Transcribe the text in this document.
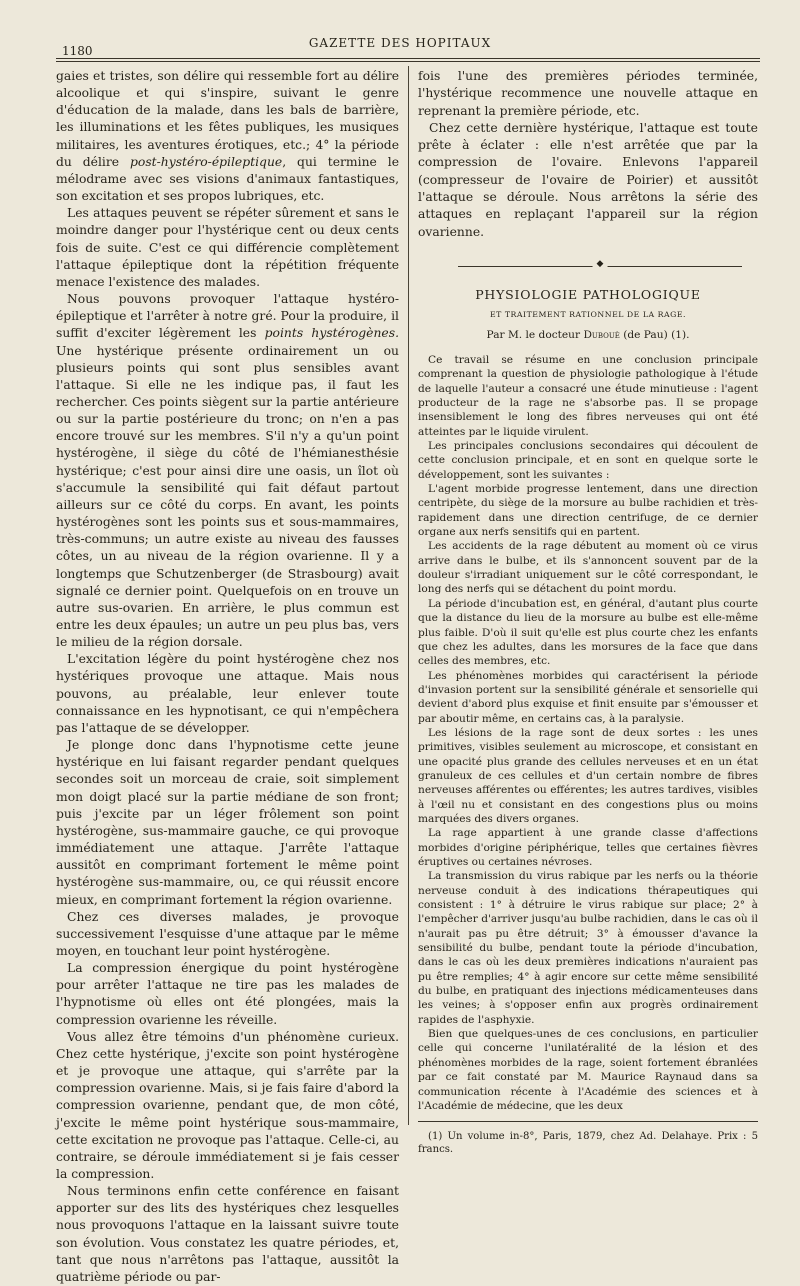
1180
GAZETTE DES HOPITAUX

gaies et tristes, son délire qui ressemble fort au délire alcoolique et qui s'inspire, suivant le genre d'éducation de la malade, dans les bals de barrière, les illuminations et les fêtes publiques, les musiques militaires, les aventures érotiques, etc.; 4° la période du délire post-hystéro-épileptique, qui termine le mélodrame avec ses visions d'animaux fantastiques, son excitation et ses propos lubriques, etc.

Les attaques peuvent se répéter sûrement et sans le moindre danger pour l'hystérique cent ou deux cents fois de suite. C'est ce qui différencie complètement l'attaque épileptique dont la répétition fréquente menace l'existence des malades.

Nous pouvons provoquer l'attaque hystéro-épileptique et l'arrêter à notre gré. Pour la produire, il suffit d'exciter légèrement les points hystérogènes. Une hystérique présente ordinairement un ou plusieurs points qui sont plus sensibles avant l'attaque. Si elle ne les indique pas, il faut les rechercher. Ces points siègent sur la partie antérieure ou sur la partie postérieure du tronc; on n'en a pas encore trouvé sur les membres. S'il n'y a qu'un point hystérogène, il siège du côté de l'hémianesthésie hystérique; c'est pour ainsi dire une oasis, un îlot où s'accumule la sensibilité qui fait défaut partout ailleurs sur ce côté du corps. En avant, les points hystérogènes sont les points sus et sous-mammaires, très-communs; un autre existe au niveau des fausses côtes, un au niveau de la région ovarienne. Il y a longtemps que Schutzenberger (de Strasbourg) avait signalé ce dernier point. Quelquefois on en trouve un autre sus-ovarien. En arrière, le plus commun est entre les deux épaules; un autre un peu plus bas, vers le milieu de la région dorsale.

L'excitation légère du point hystérogène chez nos hystériques provoque une attaque. Mais nous pouvons, au préalable, leur enlever toute connaissance en les hypnotisant, ce qui n'empêchera pas l'attaque de se développer.

Je plonge donc dans l'hypnotisme cette jeune hystérique en lui faisant regarder pendant quelques secondes soit un morceau de craie, soit simplement mon doigt placé sur la partie médiane de son front; puis j'excite par un léger frôlement son point hystérogène, sus-mammaire gauche, ce qui provoque immédiatement une attaque. J'arrête l'attaque aussitôt en comprimant fortement le même point hystérogène sus-mammaire, ou, ce qui réussit encore mieux, en comprimant fortement la région ovarienne.

Chez ces diverses malades, je provoque successivement l'esquisse d'une attaque par le même moyen, en touchant leur point hystérogène.

La compression énergique du point hystérogène pour arrêter l'attaque ne tire pas les malades de l'hypnotisme où elles ont été plongées, mais la compression ovarienne les réveille.

Vous allez être témoins d'un phénomène curieux. Chez cette hystérique, j'excite son point hystérogène et je provoque une attaque, qui s'arrête par la compression ovarienne. Mais, si je fais faire d'abord la compression ovarienne, pendant que, de mon côté, j'excite le même point hystérique sous-mammaire, cette excitation ne provoque pas l'attaque. Celle-ci, au contraire, se déroule immédiatement si je fais cesser la compression.

Nous terminons enfin cette conférence en faisant apporter sur des lits des hystériques chez lesquelles nous provoquons l'attaque en la laissant suivre toute son évolution. Vous constatez les quatre périodes, et, tant que nous n'arrêtons pas l'attaque, aussitôt la quatrième période ou par-

fois l'une des premières périodes terminée, l'hystérique recommence une nouvelle attaque en reprenant la première période, etc.

Chez cette dernière hystérique, l'attaque est toute prête à éclater : elle n'est arrêtée que par la compression de l'ovaire. Enlevons l'appareil (compresseur de l'ovaire de Poirier) et aussitôt l'attaque se déroule. Nous arrêtons la série des attaques en replaçant l'appareil sur la région ovarienne.

◆
PHYSIOLOGIE PATHOLOGIQUE
ET TRAITEMENT RATIONNEL DE LA RAGE.
Par M. le docteur Dubouè (de Pau) (1).

Ce travail se résume en une conclusion principale comprenant la question de physiologie pathologique à l'étude de laquelle l'auteur a consacré une étude minutieuse : l'agent producteur de la rage ne s'absorbe pas. Il se propage insensiblement le long des fibres nerveuses qui ont été atteintes par le liquide virulent.

Les principales conclusions secondaires qui découlent de cette conclusion principale, et en sont en quelque sorte le développement, sont les suivantes :

L'agent morbide progresse lentement, dans une direction centripète, du siège de la morsure au bulbe rachidien et très-rapidement dans une direction centrifuge, de ce dernier organe aux nerfs sensitifs qui en partent.

Les accidents de la rage débutent au moment où ce virus arrive dans le bulbe, et ils s'annoncent souvent par de la douleur s'irradiant uniquement sur le côté correspondant, le long des nerfs qui se détachent du point mordu.

La période d'incubation est, en général, d'autant plus courte que la distance du lieu de la morsure au bulbe est elle-même plus faible. D'où il suit qu'elle est plus courte chez les enfants que chez les adultes, dans les morsures de la face que dans celles des membres, etc.

Les phénomènes morbides qui caractérisent la période d'invasion portent sur la sensibilité générale et sensorielle qui devient d'abord plus exquise et finit ensuite par s'émousser et par aboutir même, en certains cas, à la paralysie.

Les lésions de la rage sont de deux sortes : les unes primitives, visibles seulement au microscope, et consistant en une opacité plus grande des cellules nerveuses et en un état granuleux de ces cellules et d'un certain nombre de fibres nerveuses afférentes ou efférentes; les autres tardives, visibles à l'œil nu et consistant en des congestions plus ou moins marquées des divers organes.

La rage appartient à une grande classe d'affections morbides d'origine périphérique, telles que certaines fièvres éruptives ou certaines névroses.

La transmission du virus rabique par les nerfs ou la théorie nerveuse conduit à des indications thérapeutiques qui consistent : 1° à détruire le virus rabique sur place; 2° à l'empêcher d'arriver jusqu'au bulbe rachidien, dans le cas où il n'aurait pas pu être détruit; 3° à émousser d'avance la sensibilité du bulbe, pendant toute la période d'incubation, dans le cas où les deux premières indications n'auraient pas pu être remplies; 4° à agir encore sur cette même sensibilité du bulbe, en pratiquant des injections médicamenteuses dans les veines; à s'opposer enfin aux progrès ordinairement rapides de l'asphyxie.

Bien que quelques-unes de ces conclusions, en particulier celle qui concerne l'unilatéralité de la lésion et des phénomènes morbides de la rage, soient fortement ébranlées par ce fait constaté par M. Maurice Raynaud dans sa communication récente à l'Académie des sciences et à l'Académie de médecine, que les deux

(1) Un volume in-8°, Paris, 1879, chez Ad. Delahaye. Prix : 5 francs.
